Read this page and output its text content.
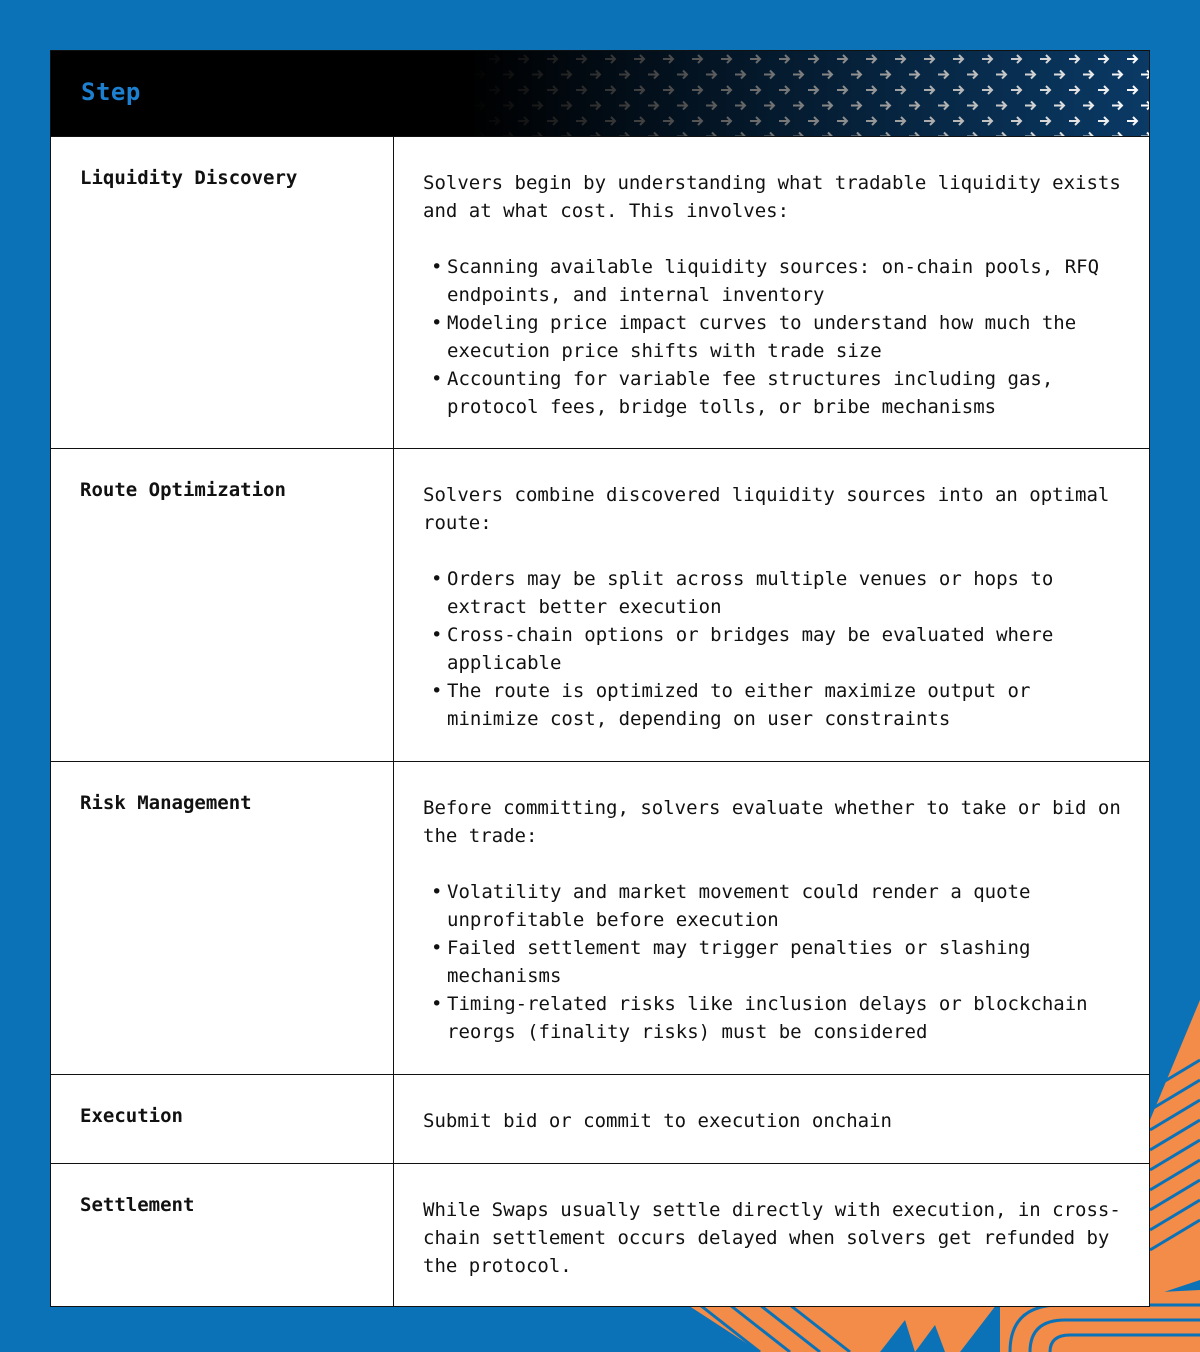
Step
Liquidity Discovery	Solvers begin by understanding what tradable liquidity exists and at what cost. This involves:

• Scanning available liquidity sources: on-chain pools, RFQ endpoints, and internal inventory
• Modeling price impact curves to understand how much the execution price shifts with trade size
• Accounting for variable fee structures including gas, protocol fees, bridge tolls, or bribe mechanisms
Route Optimization	Solvers combine discovered liquidity sources into an optimal route:

• Orders may be split across multiple venues or hops to extract better execution
• Cross-chain options or bridges may be evaluated where applicable
• The route is optimized to either maximize output or minimize cost, depending on user constraints
Risk Management	Before committing, solvers evaluate whether to take or bid on the trade:

• Volatility and market movement could render a quote unprofitable before execution
• Failed settlement may trigger penalties or slashing mechanisms
• Timing-related risks like inclusion delays or blockchain reorgs (finality risks) must be considered
Execution	Submit bid or commit to execution onchain

Settlement	While Swaps usually settle directly with execution, in cross-chain settlement occurs delayed when solvers get refunded by the protocol.
